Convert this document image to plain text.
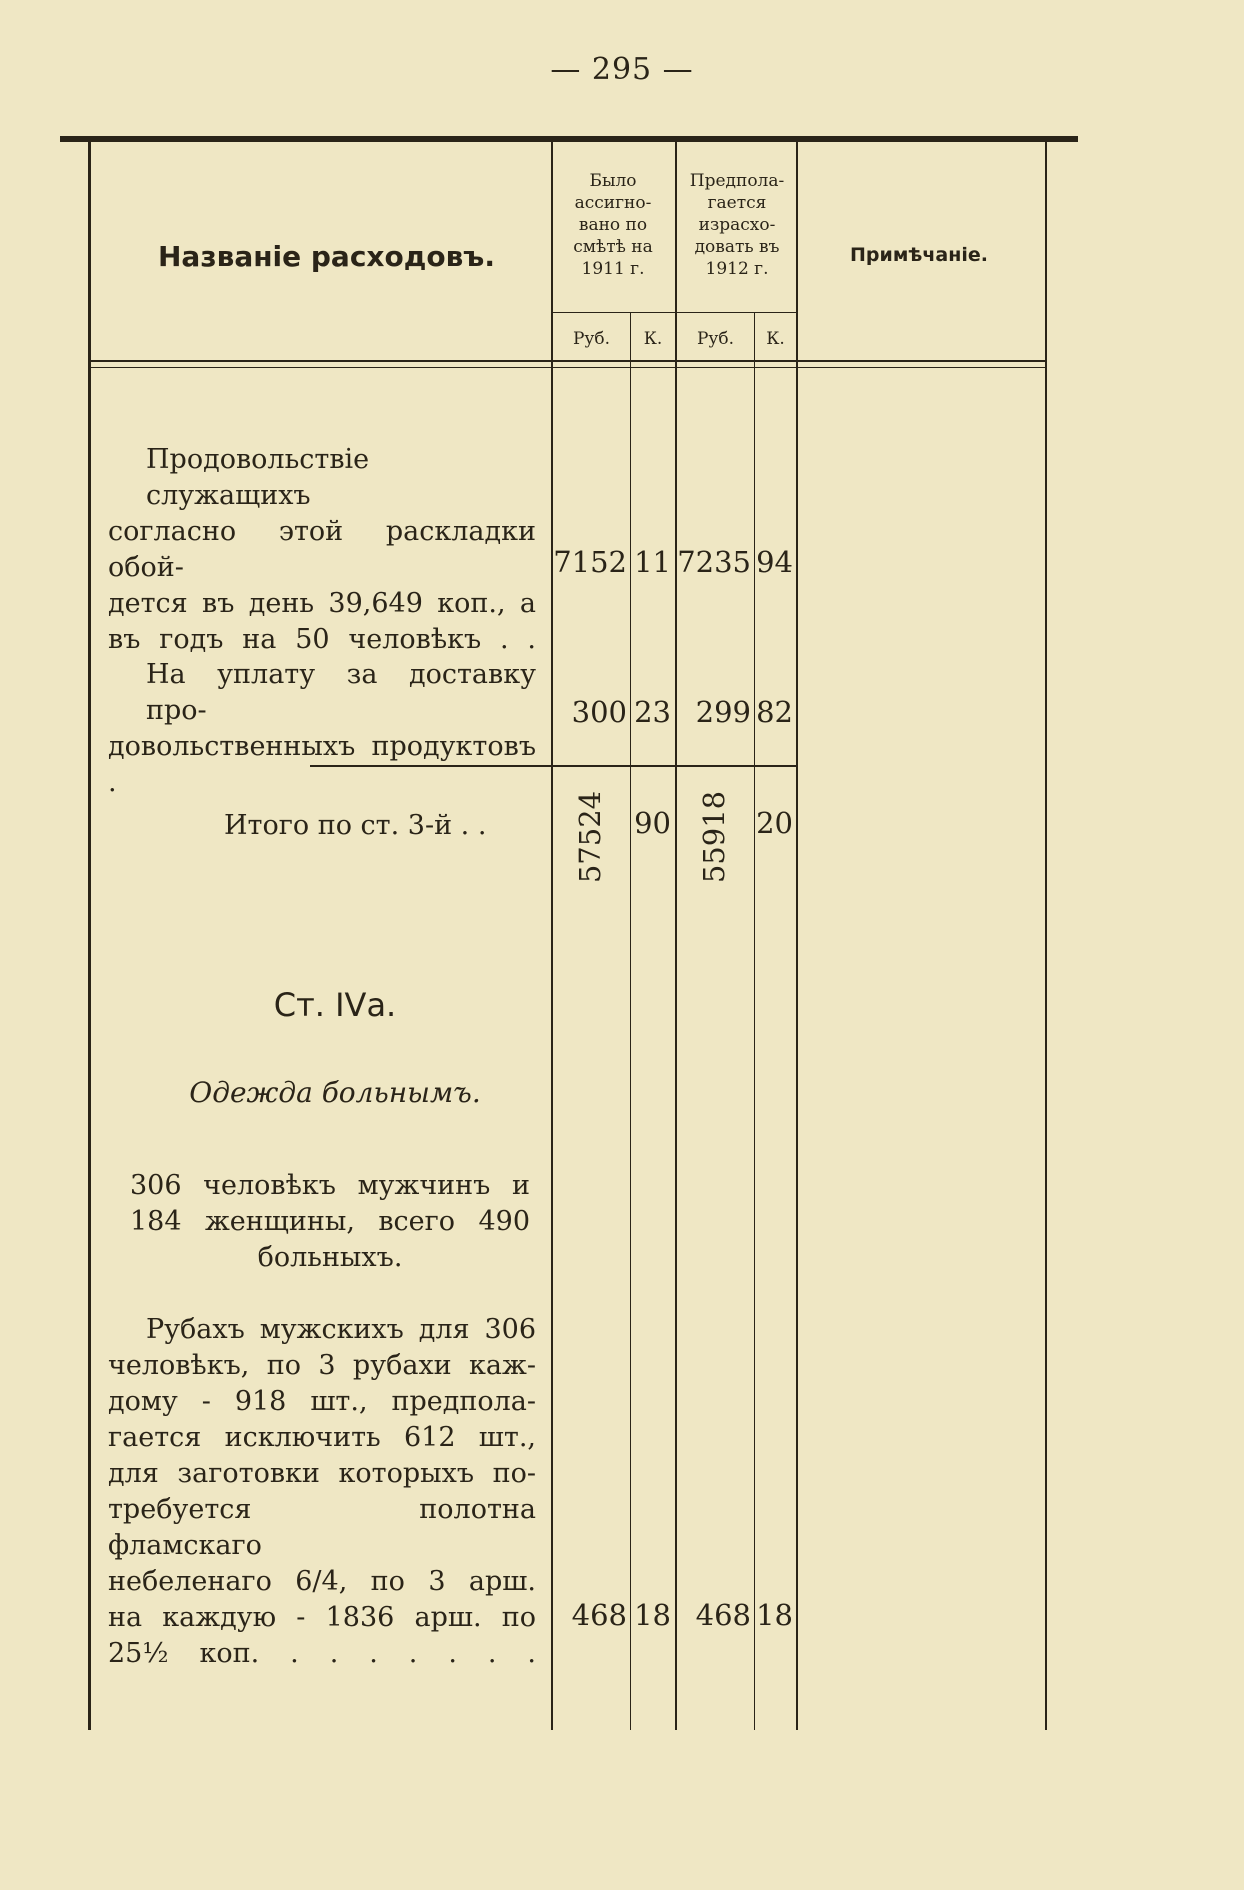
— 295 —
Названіе расходовъ.
Было
ассигно-
вано по
смѣтѣ на
1911 г.
Предпола-
гается
израсхо-
довать въ
1912 г.
Примѣчаніе.
Руб.	К.	Руб.	К.
Продовольствіе служащихъ
согласно этой раскладки обой-
дется въ день 39,649 коп., а
въ годъ на 50 человѣкъ . .
7152 11 7235 94
На уплату за доставку про-
довольственныхъ продуктовъ .
300 23 299 82
Итого по ст. 3-й . .	57524 90 55918 20
Ст. IVа.
Одежда больнымъ.
306 человѣкъ мужчинъ и
184 женщины, всего 490
больныхъ.
Рубахъ мужскихъ для 306
человѣкъ, по 3 рубахи каж-
дому - 918 шт., предпола-
гается исключить 612 шт.,
для заготовки которыхъ по-
требуется полотна фламскаго
небеленаго 6/4, по 3 арш.
на каждую - 1836 арш. по
25½ коп. . . . . . . .
468 18 468 18
